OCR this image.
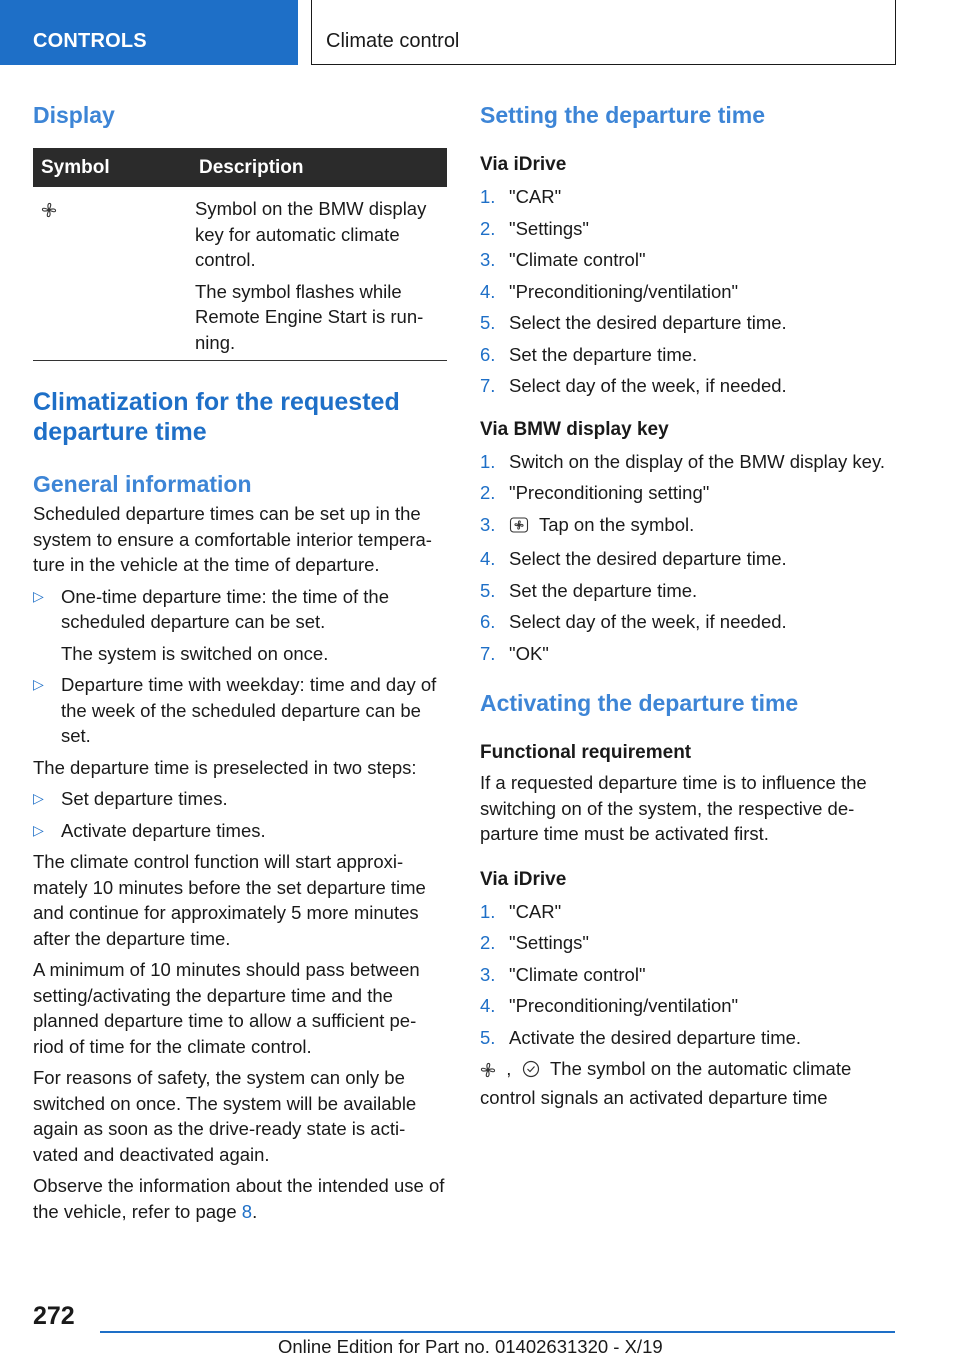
CONTROLS	Climate control
Display
Symbol	Description

Symbol on the BMW display key for automatic climate control.

The symbol flashes while Remote Engine Start is run-ning.

Climatization for the requested departure time
General information

Scheduled departure times can be set up in the system to ensure a comfortable interior tempera-ture in the vehicle at the time of departure.

▷ One-time departure time: the time of the scheduled departure can be set.

The system is switched on once.

▷ Departure time with weekday: time and day of the week of the scheduled departure can be set.

The departure time is preselected in two steps:

▷ Set departure times.

▷ Activate departure times.

The climate control function will start approxi-mately 10 minutes before the set departure time and continue for approximately 5 more minutes after the departure time.

A minimum of 10 minutes should pass between setting/activating the departure time and the planned departure time to allow a sufficient pe-riod of time for the climate control.

For reasons of safety, the system can only be switched on once. The system will be available again as soon as the drive-ready state is acti-vated and deactivated again.

Observe the information about the intended use of the vehicle, refer to page 8.

Setting the departure time
Via iDrive
1. "CAR"
2. "Settings"
3. "Climate control"
4. "Preconditioning/ventilation"
5. Select the desired departure time.
6. Set the departure time.
7. Select day of the week, if needed.
Via BMW display key
1. Switch on the display of the BMW display key.
2. "Preconditioning setting"
3. Tap on the symbol.
4. Select the desired departure time.
5. Set the departure time.
6. Select day of the week, if needed.
7. "OK"
Activating the departure time
Functional requirement

If a requested departure time is to influence the switching on of the system, the respective de-parture time must be activated first.

Via iDrive
1. "CAR"
2. "Settings"
3. "Climate control"
4. "Preconditioning/ventilation"
5. Activate the desired departure time.

, The symbol on the automatic climate control signals an activated departure time

272
Online Edition for Part no. 01402631320 - X/19
